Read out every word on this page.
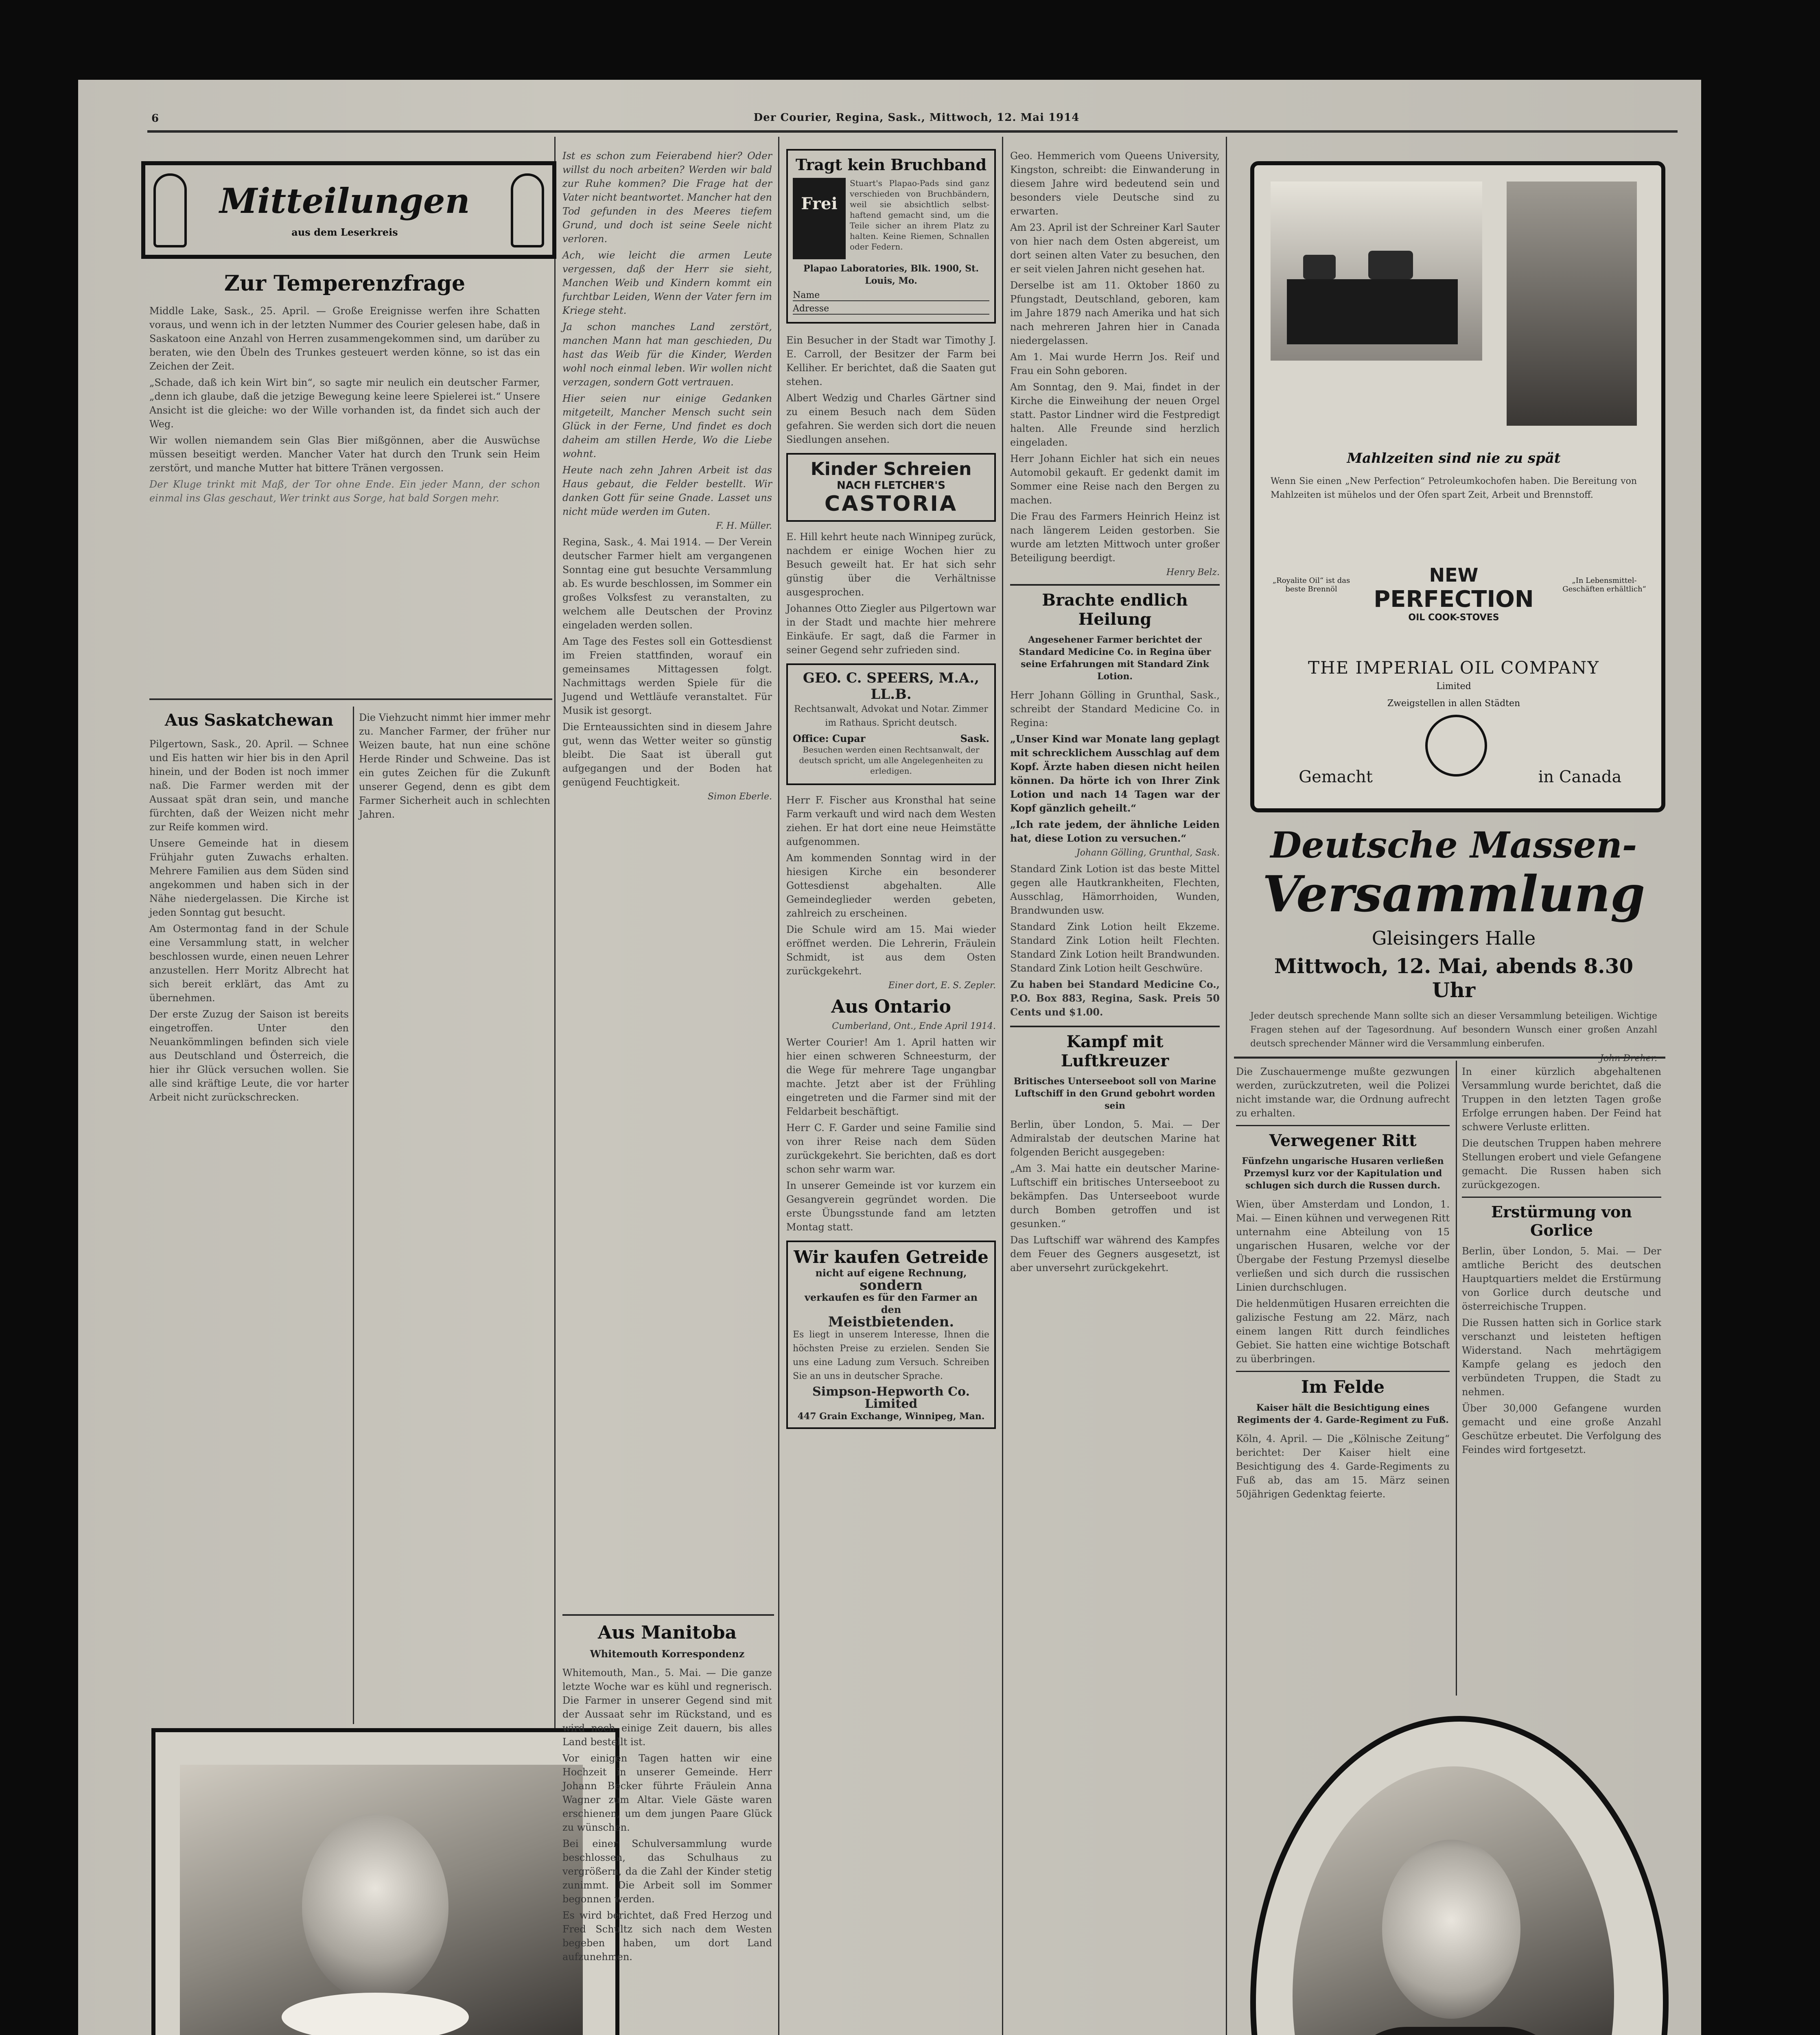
6	Der Courier, Regina, Sask., Mittwoch, 12. Mai 1914
Mitteilungen
aus dem Leserkreis
Zur Temperenzfrage

Middle Lake, Sask., 25. April. — Große Ereignisse werfen ihre Schatten voraus, und wenn ich in der letzten Nummer des Courier gelesen habe, daß in Saskatoon eine Anzahl von Herren zusammengekommen sind, um darüber zu beraten, wie den Übeln des Trunkes gesteuert werden könne, so ist das ein Zeichen der Zeit.

„Schade, daß ich kein Wirt bin“, so sagte mir neulich ein deutscher Farmer, „denn ich glaube, daß die jetzige Bewegung keine leere Spielerei ist.“ Unsere Ansicht ist die gleiche: wo der Wille vorhanden ist, da findet sich auch der Weg.

Wir wollen niemandem sein Glas Bier mißgönnen, aber die Auswüchse müssen beseitigt werden. Mancher Vater hat durch den Trunk sein Heim zerstört, und manche Mutter hat bittere Tränen vergossen.

Der Kluge trinkt mit Maß, der Tor ohne Ende. Ein jeder Mann, der schon einmal ins Glas geschaut, Wer trinkt aus Sorge, hat bald Sorgen mehr.

Aus Saskatchewan

Pilgertown, Sask., 20. April. — Schnee und Eis hatten wir hier bis in den April hinein, und der Boden ist noch immer naß. Die Farmer werden mit der Aussaat spät dran sein, und manche fürchten, daß der Weizen nicht mehr zur Reife kommen wird.

Unsere Gemeinde hat in diesem Frühjahr guten Zuwachs erhalten. Mehrere Familien aus dem Süden sind angekommen und haben sich in der Nähe niedergelassen. Die Kirche ist jeden Sonntag gut besucht.

Am Ostermontag fand in der Schule eine Versammlung statt, in welcher beschlossen wurde, einen neuen Lehrer anzustellen. Herr Moritz Albrecht hat sich bereit erklärt, das Amt zu übernehmen.

Der erste Zuzug der Saison ist bereits eingetroffen. Unter den Neuankömmlingen befinden sich viele aus Deutschland und Österreich, die hier ihr Glück versuchen wollen. Sie alle sind kräftige Leute, die vor harter Arbeit nicht zurückschrecken.

Die Viehzucht nimmt hier immer mehr zu. Mancher Farmer, der früher nur Weizen baute, hat nun eine schöne Herde Rinder und Schweine. Das ist ein gutes Zeichen für die Zukunft unserer Gegend, denn es gibt dem Farmer Sicherheit auch in schlechten Jahren.

Ist es schon zum Feierabend hier? Oder willst du noch arbeiten? Werden wir bald zur Ruhe kommen? Die Frage hat der Vater nicht beantwortet. Mancher hat den Tod gefunden in des Meeres tiefem Grund, und doch ist seine Seele nicht verloren.

Ach, wie leicht die armen Leute vergessen, daß der Herr sie sieht, Manchen Weib und Kindern kommt ein furchtbar Leiden, Wenn der Vater fern im Kriege steht.

Ja schon manches Land zerstört, manchen Mann hat man geschieden, Du hast das Weib für die Kinder, Werden wohl noch einmal leben. Wir wollen nicht verzagen, sondern Gott vertrauen.

Hier seien nur einige Gedanken mitgeteilt, Mancher Mensch sucht sein Glück in der Ferne, Und findet es doch daheim am stillen Herde, Wo die Liebe wohnt.

Heute nach zehn Jahren Arbeit ist das Haus gebaut, die Felder bestellt. Wir danken Gott für seine Gnade. Lasset uns nicht müde werden im Guten.

F. H. Müller.

Regina, Sask., 4. Mai 1914. — Der Verein deutscher Farmer hielt am vergangenen Sonntag eine gut besuchte Versammlung ab. Es wurde beschlossen, im Sommer ein großes Volksfest zu veranstalten, zu welchem alle Deutschen der Provinz eingeladen werden sollen.

Am Tage des Festes soll ein Gottesdienst im Freien stattfinden, worauf ein gemeinsames Mittagessen folgt. Nachmittags werden Spiele für die Jugend und Wettläufe veranstaltet. Für Musik ist gesorgt.

Die Ernteaussichten sind in diesem Jahre gut, wenn das Wetter weiter so günstig bleibt. Die Saat ist überall gut aufgegangen und der Boden hat genügend Feuchtigkeit.

Simon Eberle.
Aus Manitoba
Whitemouth Korrespondenz

Whitemouth, Man., 5. Mai. — Die ganze letzte Woche war es kühl und regnerisch. Die Farmer in unserer Gegend sind mit der Aussaat sehr im Rückstand, und es wird noch einige Zeit dauern, bis alles Land bestellt ist.

Vor einigen Tagen hatten wir eine Hochzeit in unserer Gemeinde. Herr Johann Becker führte Fräulein Anna Wagner zum Altar. Viele Gäste waren erschienen, um dem jungen Paare Glück zu wünschen.

Bei einer Schulversammlung wurde beschlossen, das Schulhaus zu vergrößern, da die Zahl der Kinder stetig zunimmt. Die Arbeit soll im Sommer begonnen werden.

Es wird berichtet, daß Fred Herzog und Fred Schultz sich nach dem Westen begeben haben, um dort Land aufzunehmen.

Tragt kein Bruchband
Frei

Stuart's Plapao-Pads sind ganz verschieden von Bruchbändern, weil sie absichtlich selbst-haftend gemacht sind, um die Teile sicher an ihrem Platz zu halten. Keine Riemen, Schnallen oder Federn.

Plapao Laboratories, Blk. 1900, St. Louis, Mo.
Name
Adresse

Ein Besucher in der Stadt war Timothy J. E. Carroll, der Besitzer der Farm bei Kelliher. Er berichtet, daß die Saaten gut stehen.

Albert Wedzig und Charles Gärtner sind zu einem Besuch nach dem Süden gefahren. Sie werden sich dort die neuen Siedlungen ansehen.

Kinder Schreien
NACH FLETCHER'S
CASTORIA

E. Hill kehrt heute nach Winnipeg zurück, nachdem er einige Wochen hier zu Besuch geweilt hat. Er hat sich sehr günstig über die Verhältnisse ausgesprochen.

Johannes Otto Ziegler aus Pilgertown war in der Stadt und machte hier mehrere Einkäufe. Er sagt, daß die Farmer in seiner Gegend sehr zufrieden sind.

GEO. C. SPEERS, M.A., LL.B.

Rechtsanwalt, Advokat und Notar. Zimmer im Rathaus. Spricht deutsch.

Office: Cupar	Sask.

Besuchen werden einen Rechtsanwalt, der deutsch spricht, um alle Angelegenheiten zu erledigen.

Herr F. Fischer aus Kronsthal hat seine Farm verkauft und wird nach dem Westen ziehen. Er hat dort eine neue Heimstätte aufgenommen.

Am kommenden Sonntag wird in der hiesigen Kirche ein besonderer Gottesdienst abgehalten. Alle Gemeindeglieder werden gebeten, zahlreich zu erscheinen.

Die Schule wird am 15. Mai wieder eröffnet werden. Die Lehrerin, Fräulein Schmidt, ist aus dem Osten zurückgekehrt.

Einer dort, E. S. Zepler.
Aus Ontario
Cumberland, Ont., Ende April 1914.

Werter Courier! Am 1. April hatten wir hier einen schweren Schneesturm, der die Wege für mehrere Tage ungangbar machte. Jetzt aber ist der Frühling eingetreten und die Farmer sind mit der Feldarbeit beschäftigt.

Herr C. F. Garder und seine Familie sind von ihrer Reise nach dem Süden zurückgekehrt. Sie berichten, daß es dort schon sehr warm war.

In unserer Gemeinde ist vor kurzem ein Gesangverein gegründet worden. Die erste Übungsstunde fand am letzten Montag statt.

Wir kaufen Getreide
nicht auf eigene Rechnung,
sondern
verkaufen es für den Farmer an den
Meistbietenden.

Es liegt in unserem Interesse, Ihnen die höchsten Preise zu erzielen. Senden Sie uns eine Ladung zum Versuch. Schreiben Sie an uns in deutscher Sprache.

Simpson-Hepworth Co. Limited
447 Grain Exchange, Winnipeg, Man.

Geo. Hemmerich vom Queens University, Kingston, schreibt: die Einwanderung in diesem Jahre wird bedeutend sein und besonders viele Deutsche sind zu erwarten.

Am 23. April ist der Schreiner Karl Sauter von hier nach dem Osten abgereist, um dort seinen alten Vater zu besuchen, den er seit vielen Jahren nicht gesehen hat.

Derselbe ist am 11. Oktober 1860 zu Pfungstadt, Deutschland, geboren, kam im Jahre 1879 nach Amerika und hat sich nach mehreren Jahren hier in Canada niedergelassen.

Am 1. Mai wurde Herrn Jos. Reif und Frau ein Sohn geboren.

Am Sonntag, den 9. Mai, findet in der Kirche die Einweihung der neuen Orgel statt. Pastor Lindner wird die Festpredigt halten. Alle Freunde sind herzlich eingeladen.

Herr Johann Eichler hat sich ein neues Automobil gekauft. Er gedenkt damit im Sommer eine Reise nach den Bergen zu machen.

Die Frau des Farmers Heinrich Heinz ist nach längerem Leiden gestorben. Sie wurde am letzten Mittwoch unter großer Beteiligung beerdigt.

Henry Belz.
Brachte endlich Heilung
Angesehener Farmer berichtet der Standard Medicine Co. in Regina über seine Erfahrungen mit Standard Zink Lotion.

Herr Johann Gölling in Grunthal, Sask., schreibt der Standard Medicine Co. in Regina:

„Unser Kind war Monate lang geplagt mit schrecklichem Ausschlag auf dem Kopf. Ärzte haben diesen nicht heilen können. Da hörte ich von Ihrer Zink Lotion und nach 14 Tagen war der Kopf gänzlich geheilt.“

„Ich rate jedem, der ähnliche Leiden hat, diese Lotion zu versuchen.“

Johann Gölling, Grunthal, Sask.

Standard Zink Lotion ist das beste Mittel gegen alle Hautkrankheiten, Flechten, Ausschlag, Hämorrhoiden, Wunden, Brandwunden usw.

Standard Zink Lotion heilt Ekzeme. Standard Zink Lotion heilt Flechten. Standard Zink Lotion heilt Brandwunden. Standard Zink Lotion heilt Geschwüre.

Zu haben bei Standard Medicine Co., P.O. Box 883, Regina, Sask. Preis 50 Cents und $1.00.

Kampf mit Luftkreuzer
Britisches Unterseeboot soll von Marine Luftschiff in den Grund gebohrt worden sein

Berlin, über London, 5. Mai. — Der Admiralstab der deutschen Marine hat folgenden Bericht ausgegeben:

„Am 3. Mai hatte ein deutscher Marine-Luftschiff ein britisches Unterseeboot zu bekämpfen. Das Unterseeboot wurde durch Bomben getroffen und ist gesunken.“

Das Luftschiff war während des Kampfes dem Feuer des Gegners ausgesetzt, ist aber unversehrt zurückgekehrt.

Mahlzeiten sind nie zu spät

Wenn Sie einen „New Perfection“ Petroleumkochofen haben. Die Bereitung von Mahlzeiten ist mühelos und der Ofen spart Zeit, Arbeit und Brennstoff.

NEW
PERFECTION
OIL COOK-STOVES
„Royalite Oil“ ist das beste Brennöl
„In Lebensmittel-Geschäften erhältlich“
THE IMPERIAL OIL COMPANY
Limited
Zweigstellen in allen Städten
Gemacht	in Canada
Deutsche Massen-
Versammlung
Gleisingers Halle
Mittwoch, 12. Mai, abends 8.30 Uhr

Jeder deutsch sprechende Mann sollte sich an dieser Versammlung beteiligen. Wichtige Fragen stehen auf der Tagesordnung. Auf besondern Wunsch einer großen Anzahl deutsch sprechender Männer wird die Versammlung einberufen.

Die Zuschauermenge mußte gezwungen werden, zurückzutreten, weil die Polizei nicht imstande war, die Ordnung aufrecht zu erhalten.

Verwegener Ritt
Fünfzehn ungarische Husaren verließen Przemysl kurz vor der Kapitulation und schlugen sich durch die Russen durch.

Wien, über Amsterdam und London, 1. Mai. — Einen kühnen und verwegenen Ritt unternahm eine Abteilung von 15 ungarischen Husaren, welche vor der Übergabe der Festung Przemysl dieselbe verließen und sich durch die russischen Linien durchschlugen.

Die heldenmütigen Husaren erreichten die galizische Festung am 22. März, nach einem langen Ritt durch feindliches Gebiet. Sie hatten eine wichtige Botschaft zu überbringen.

Im Felde
Kaiser hält die Besichtigung eines Regiments der 4. Garde-Regiment zu Fuß.

Köln, 4. April. — Die „Kölnische Zeitung“ berichtet: Der Kaiser hielt eine Besichtigung des 4. Garde-Regiments zu Fuß ab, das am 15. März seinen 50jährigen Gedenktag feierte.

In einer kürzlich abgehaltenen Versammlung wurde berichtet, daß die Truppen in den letzten Tagen große Erfolge errungen haben. Der Feind hat schwere Verluste erlitten.

Die deutschen Truppen haben mehrere Stellungen erobert und viele Gefangene gemacht. Die Russen haben sich zurückgezogen.

Erstürmung von Gorlice

Berlin, über London, 5. Mai. — Der amtliche Bericht des deutschen Hauptquartiers meldet die Erstürmung von Gorlice durch deutsche und österreichische Truppen.

Die Russen hatten sich in Gorlice stark verschanzt und leisteten heftigen Widerstand. Nach mehrtägigem Kampfe gelang es jedoch den verbündeten Truppen, die Stadt zu nehmen.

Über 30,000 Gefangene wurden gemacht und eine große Anzahl Geschütze erbeutet. Die Verfolgung des Feindes wird fortgesetzt.
